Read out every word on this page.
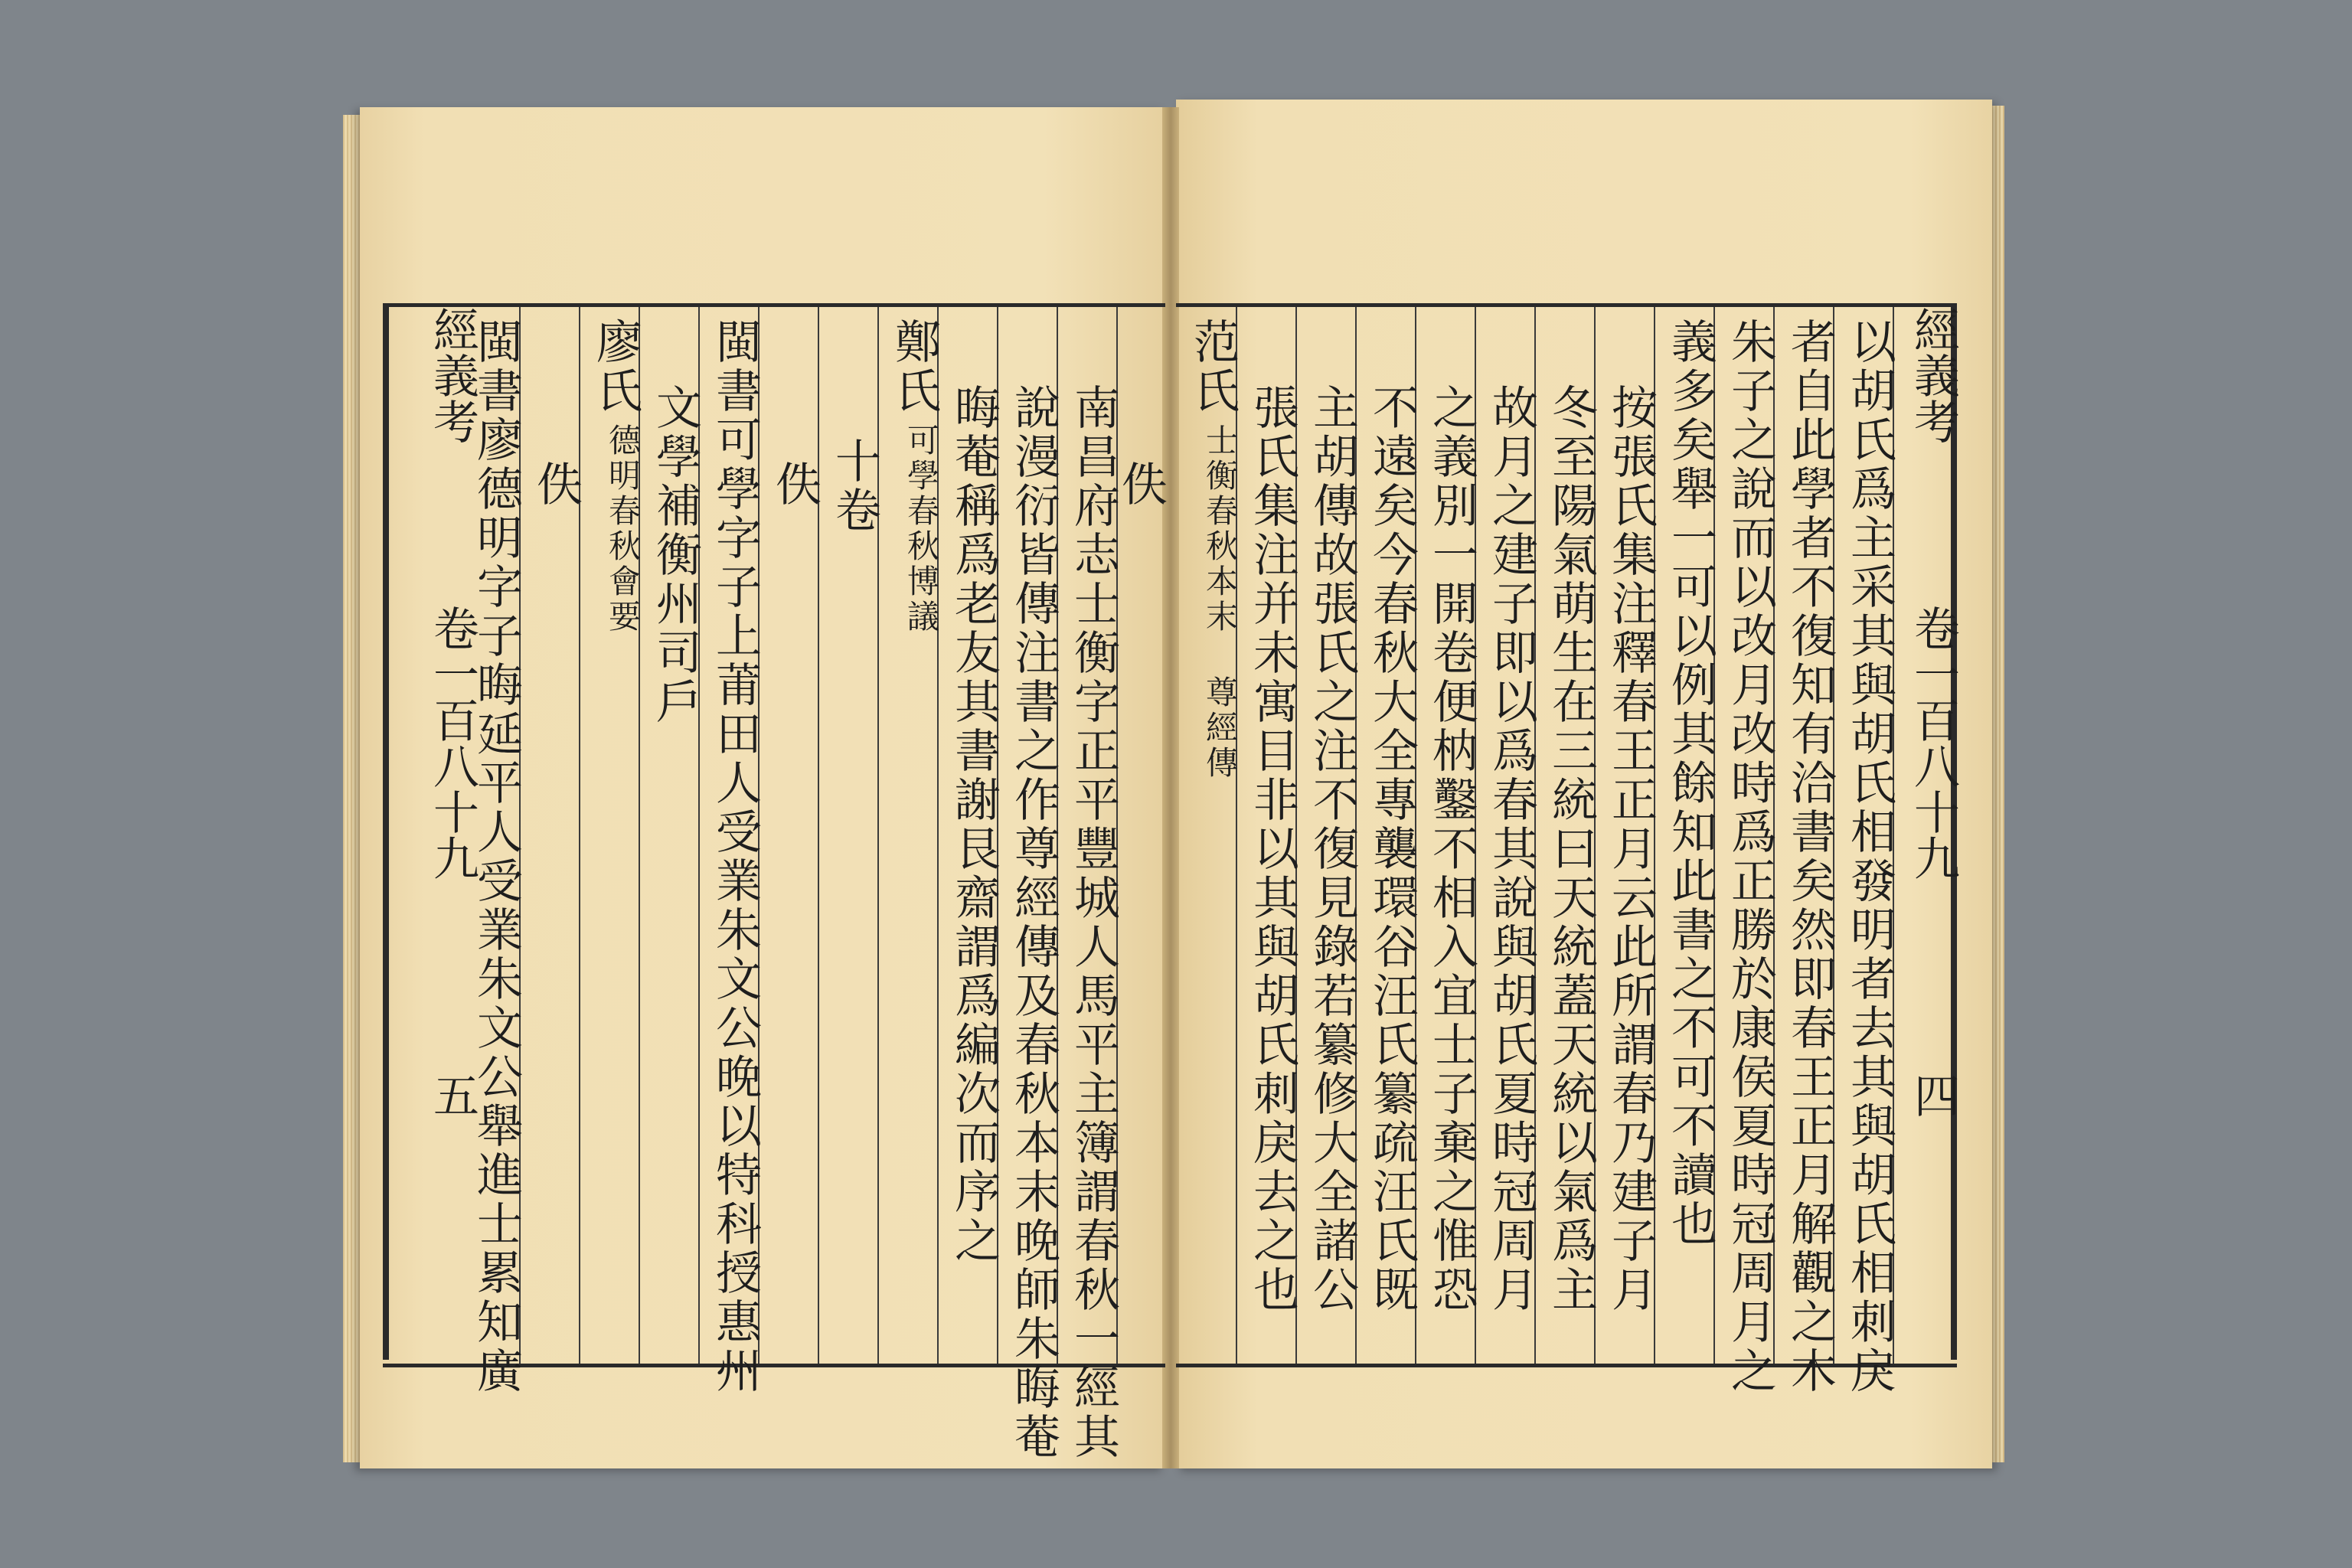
經義考
卷一百八十九
五
閩書廖德明字子晦延平人受業朱文公舉進士累知廣 佚
廖氏
德明春秋會要 文學補衡州司戶 閩書可學字子上莆田人受業朱文公晚以特科授惠州 佚 十卷
鄭氏
可學春秋博議 晦菴稱爲老友其書謝艮齋謂爲編次而序之 說漫衍皆傳注書之作尊經傳及春秋本末晚師朱晦菴 南昌府志士衡字正平豐城人馬平主簿謂春秋一經其
佚
范氏
士衡春秋本末 尊經傳 張氏集注并未寓目非以其與胡氏刺戾去之也 主胡傳故張氏之注不復見錄若纂修大全諸公 不遠矣今春秋大全專襲環谷汪氏纂疏汪氏既 之義別一開卷便枘鑿不相入宜士子棄之惟恐 故月之建子即以爲春其說與胡氏夏時冠周月 冬至陽氣萌生在三統曰天統蓋天統以氣爲主 按張氏集注釋春王正月云此所謂春乃建子月 義多矣舉一可以例其餘知此書之不可不讀也 朱子之說而以改月改時爲正勝於康侯夏時冠周月之 者自此學者不復知有洽書矣然即春王正月解觀之木 以胡氏爲主采其與胡氏相發明者去其與胡氏相刺戾 經義考
卷一百八十九
四
